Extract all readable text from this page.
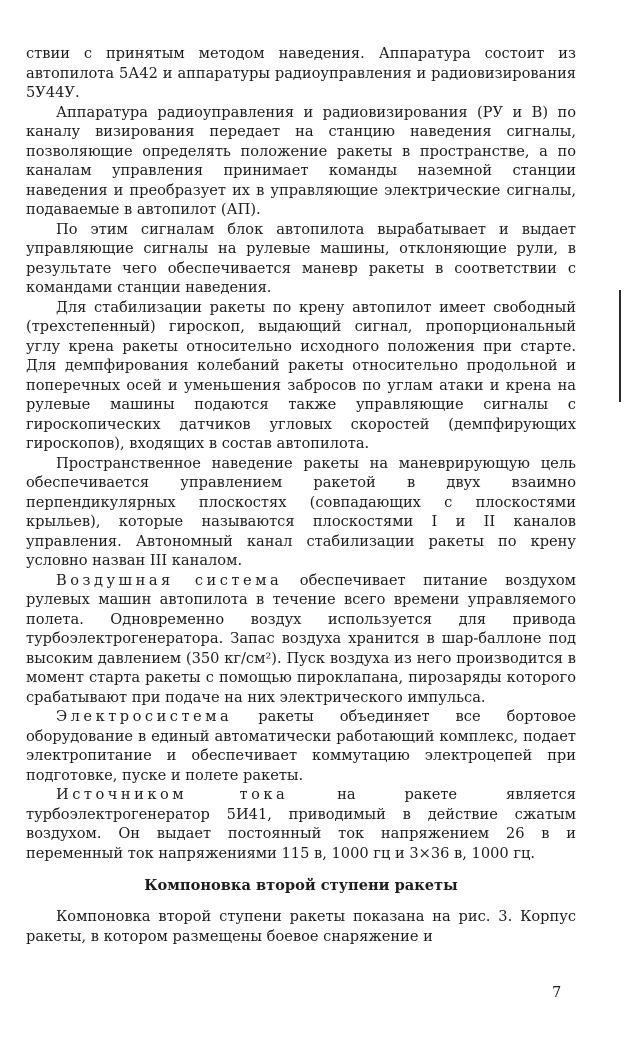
ствии с принятым методом наведения. Аппаратура состоит из автопилота 5А42 и аппаратуры радиоуправления и радиовизирования 5У44У.

Аппаратура радиоуправления и радиовизирования (РУ и В) по каналу визирования передает на станцию наведения сигналы, позволяющие определять положение ракеты в пространстве, а по каналам управления принимает команды наземной станции наведения и преобразует их в управляющие электрические сигналы, подаваемые в автопилот (АП).

По этим сигналам блок автопилота вырабатывает и выдает управляющие сигналы на рулевые машины, отклоняющие рули, в результате чего обеспечивается маневр ракеты в соответствии с командами станции наведения.

Для стабилизации ракеты по крену автопилот имеет свободный (трехстепенный) гироскоп, выдающий сигнал, пропорциональный углу крена ракеты относительно исходного положения при старте. Для демпфирования колебаний ракеты относительно продольной и поперечных осей и уменьшения забросов по углам атаки и крена на рулевые машины подаются также управляющие сигналы с гироскопических датчиков угловых скоростей (демпфирующих гироскопов), входящих в состав автопилота.

Пространственное наведение ракеты на маневрирующую цель обеспечивается управлением ракетой в двух взаимно перпендикулярных плоскостях (совпадающих с плоскостями крыльев), которые называются плоскостями I и II каналов управления. Автономный канал стабилизации ракеты по крену условно назван III каналом.

Воздушная система обеспечивает питание воздухом рулевых машин автопилота в течение всего времени управляемого полета. Одновременно воздух используется для привода турбоэлектрогенератора. Запас воздуха хранится в шар-баллоне под высоким давлением (350 кг/см²). Пуск воздуха из него производится в момент старта ракеты с помощью пироклапана, пирозаряды которого срабатывают при подаче на них электрического импульса.

Электросистема ракеты объединяет все бортовое оборудование в единый автоматически работающий комплекс, подает электропитание и обеспечивает коммутацию электроцепей при подготовке, пуске и полете ракеты.

Источником тока на ракете является турбоэлектрогенератор 5И41, приводимый в действие сжатым воздухом. Он выдает постоянный ток напряжением 26 в и переменный ток напряжениями 115 в, 1000 гц и 3×36 в, 1000 гц.

Компоновка второй ступени ракеты

Компоновка второй ступени ракеты показана на рис. 3. Корпус ракеты, в котором размещены боевое снаряжение и

7
